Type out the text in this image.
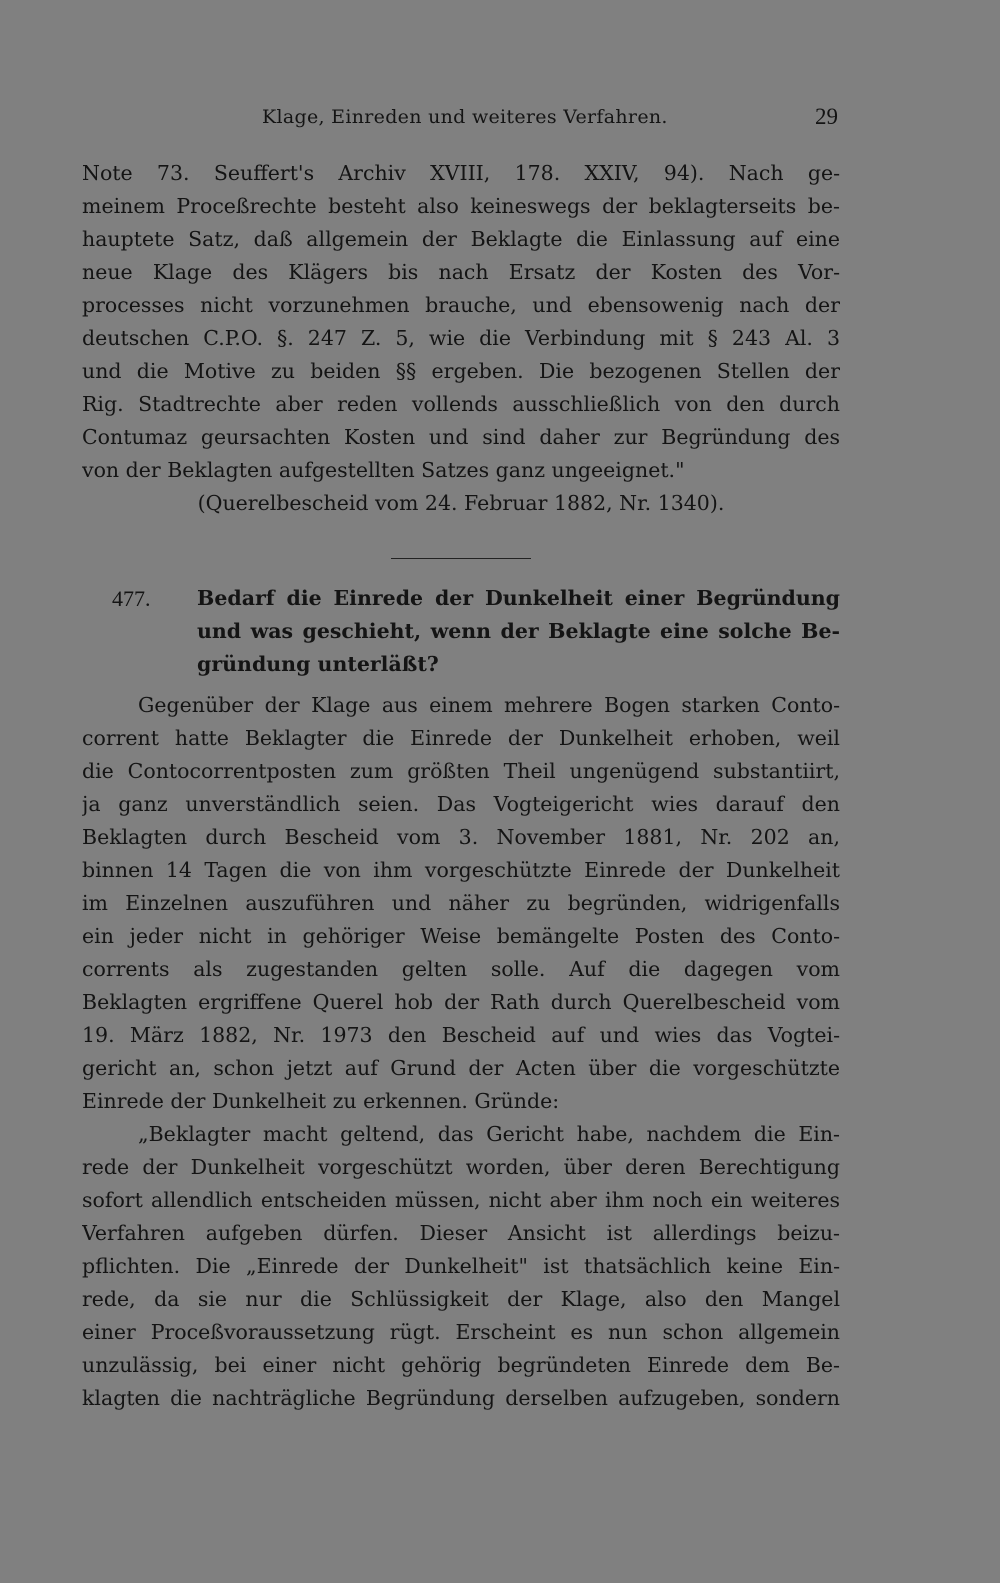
Klage, Einreden und weiteres Verfahren.	29
Note 73. Seuffert's Archiv XVIII, 178. XXIV, 94). Nach ge-
meinem Proceßrechte besteht also keineswegs der beklagterseits be-
hauptete Satz, daß allgemein der Beklagte die Einlassung auf eine
neue Klage des Klägers bis nach Ersatz der Kosten des Vor-
processes nicht vorzunehmen brauche, und ebensowenig nach der
deutschen C.P.O. §. 247 Z. 5, wie die Verbindung mit § 243 Al. 3
und die Motive zu beiden §§ ergeben. Die bezogenen Stellen der
Rig. Stadtrechte aber reden vollends ausschließlich von den durch
Contumaz geursachten Kosten und sind daher zur Begründung des
von der Beklagten aufgestellten Satzes ganz ungeeignet."
(Querelbescheid vom 24. Februar 1882, Nr. 1340).
477. Bedarf die Einrede der Dunkelheit einer Begründung
und was geschieht, wenn der Beklagte eine solche Be-
gründung unterläßt?
Gegenüber der Klage aus einem mehrere Bogen starken Conto-
corrent hatte Beklagter die Einrede der Dunkelheit erhoben, weil
die Contocorrentposten zum größten Theil ungenügend substantiirt,
ja ganz unverständlich seien. Das Vogteigericht wies darauf den
Beklagten durch Bescheid vom 3. November 1881, Nr. 202 an,
binnen 14 Tagen die von ihm vorgeschützte Einrede der Dunkelheit
im Einzelnen auszuführen und näher zu begründen, widrigenfalls
ein jeder nicht in gehöriger Weise bemängelte Posten des Conto-
corrents als zugestanden gelten solle. Auf die dagegen vom
Beklagten ergriffene Querel hob der Rath durch Querelbescheid vom
19. März 1882, Nr. 1973 den Bescheid auf und wies das Vogtei-
gericht an, schon jetzt auf Grund der Acten über die vorgeschützte
Einrede der Dunkelheit zu erkennen. Gründe:
„Beklagter macht geltend, das Gericht habe, nachdem die Ein-
rede der Dunkelheit vorgeschützt worden, über deren Berechtigung
sofort allendlich entscheiden müssen, nicht aber ihm noch ein weiteres
Verfahren aufgeben dürfen. Dieser Ansicht ist allerdings beizu-
pflichten. Die „Einrede der Dunkelheit" ist thatsächlich keine Ein-
rede, da sie nur die Schlüssigkeit der Klage, also den Mangel
einer Proceßvoraussetzung rügt. Erscheint es nun schon allgemein
unzulässig, bei einer nicht gehörig begründeten Einrede dem Be-
klagten die nachträgliche Begründung derselben aufzugeben, sondern
